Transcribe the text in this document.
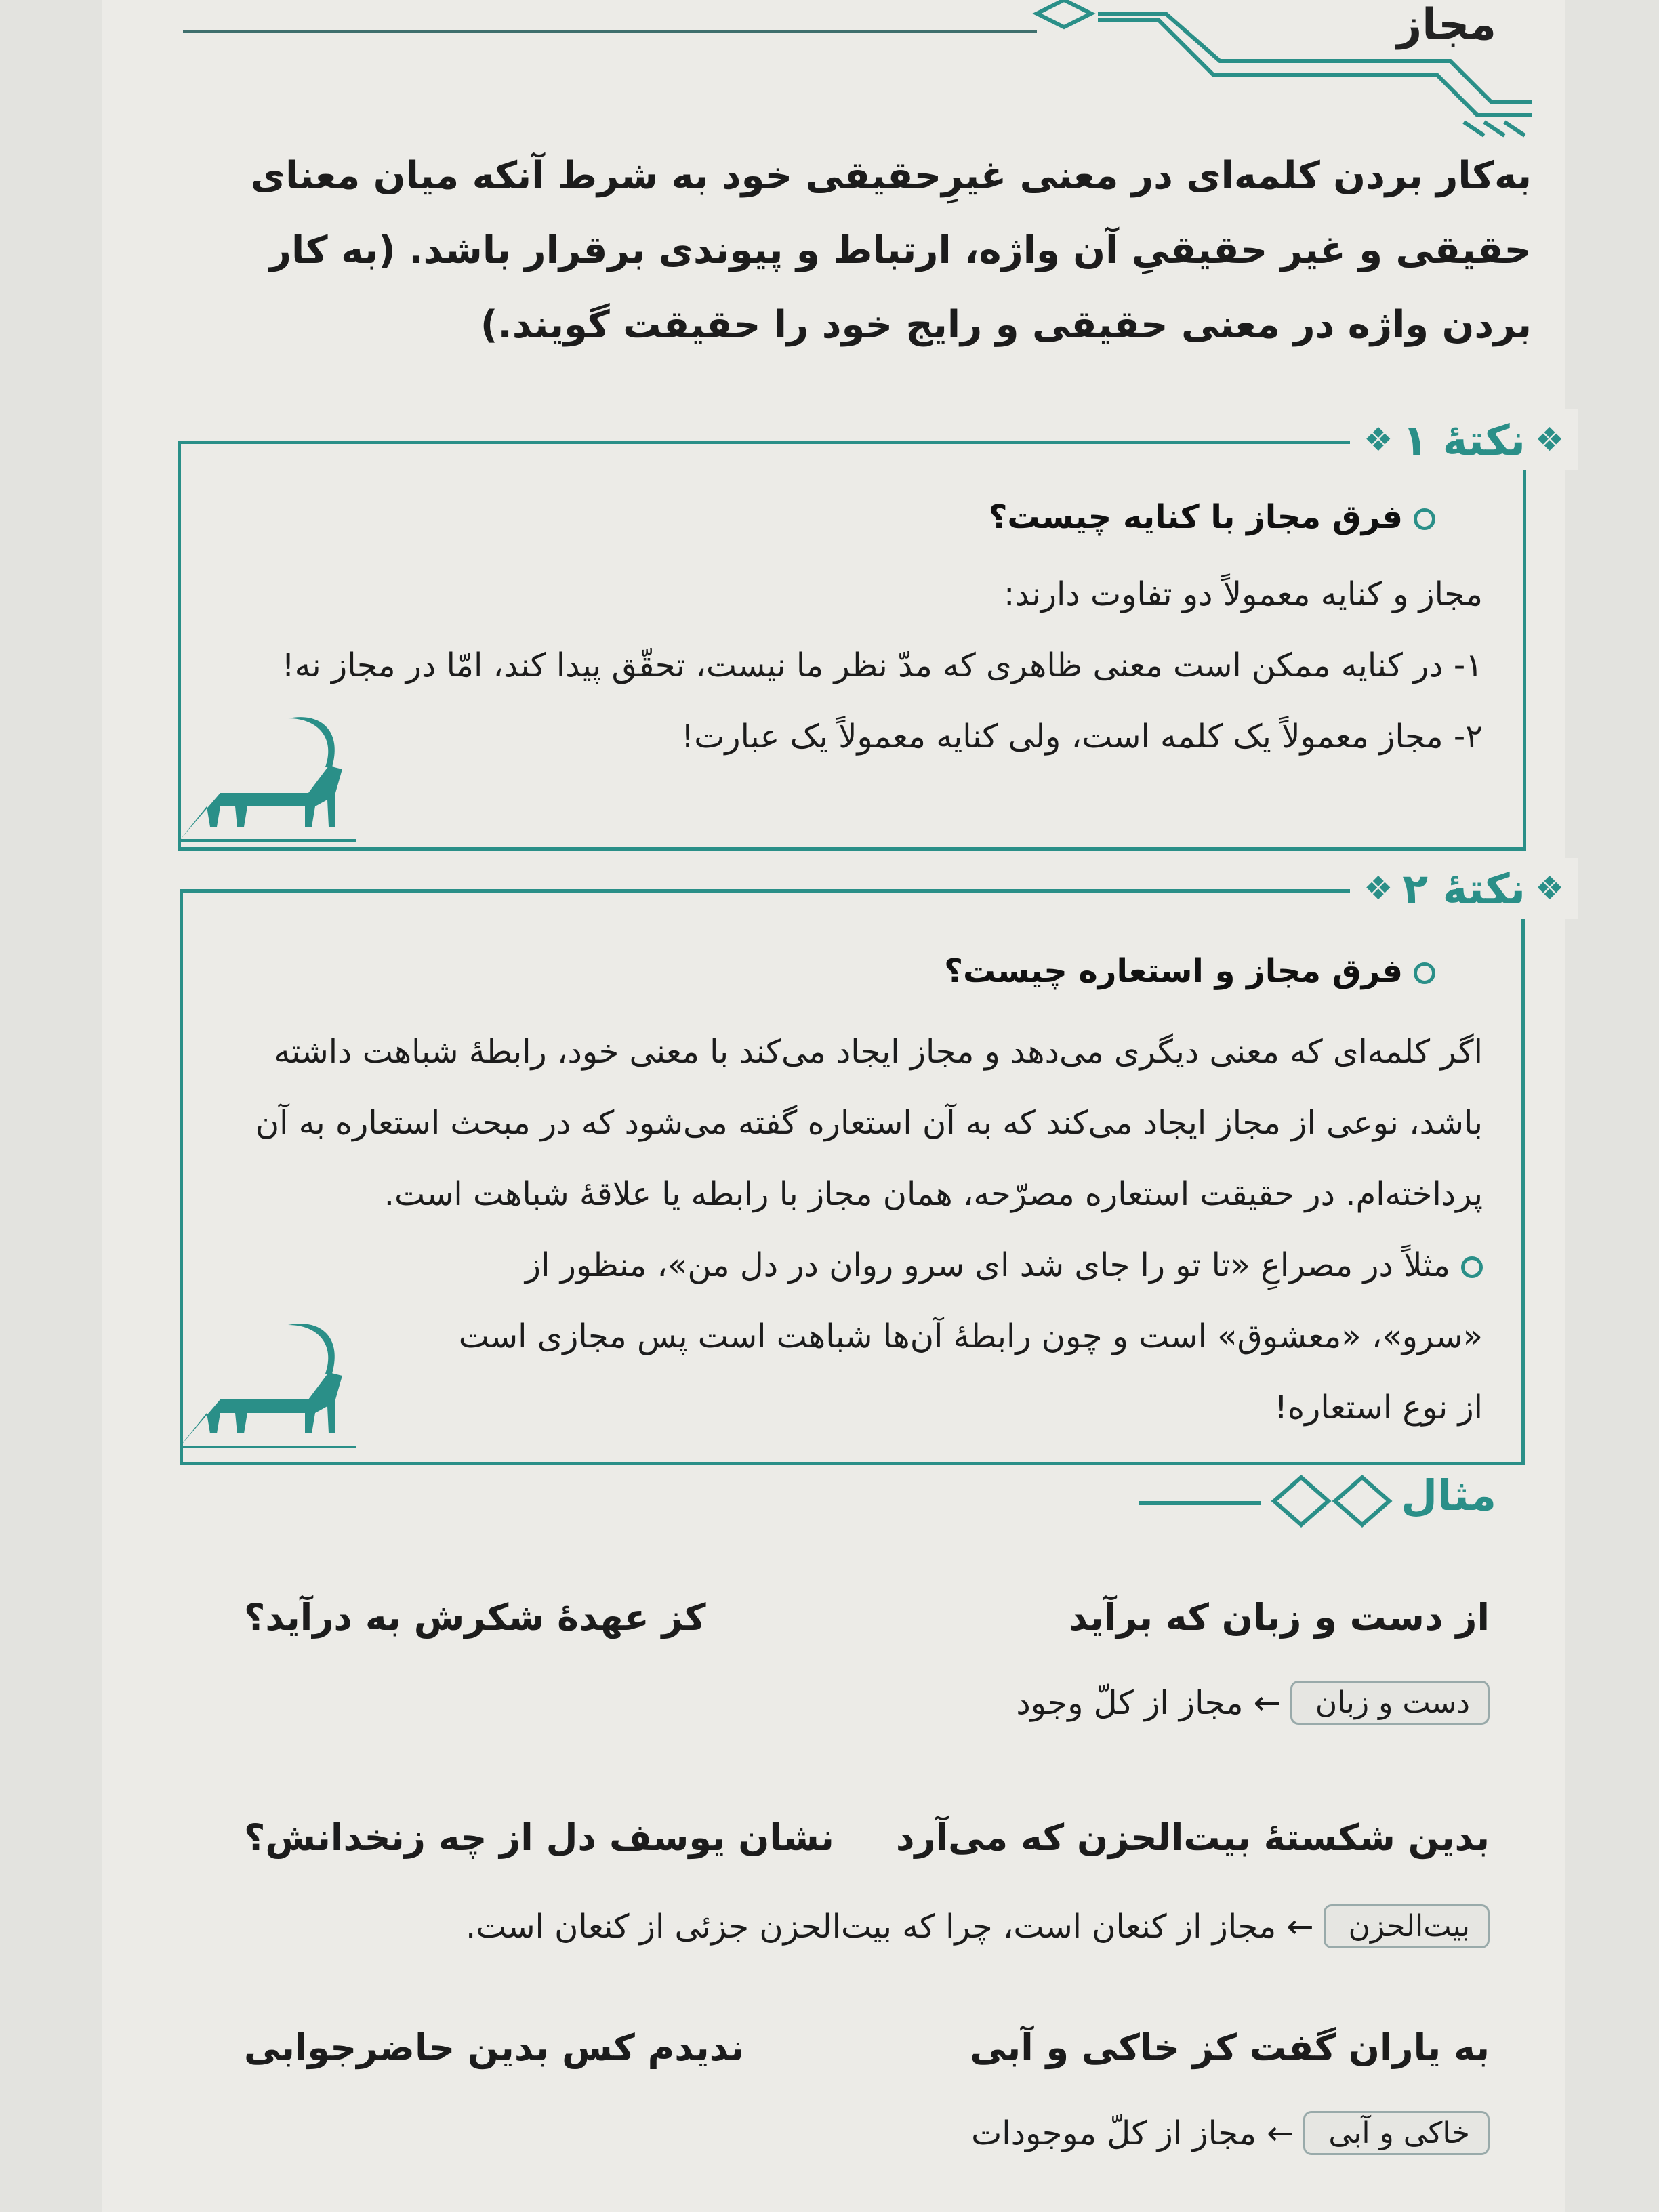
مجاز
به‌کار بردن کلمه‌ای در معنی غیرِحقیقی خود به شرط آنکه میان معنای حقیقی و غیر حقیقیِ آن واژه، ارتباط و پیوندی برقرار باشد. (به کار بردن واژه در معنی حقیقی و رایج خود را حقیقت گویند.)
❖ نکتهٔ ۱ ❖
فرق مجاز با کنایه چیست؟
مجاز و کنایه معمولاً دو تفاوت دارند:
۱- در کنایه ممکن است معنی ظاهری که مدّ نظر ما نیست، تحقّق پیدا کند، امّا در مجاز نه!
۲- مجاز معمولاً یک کلمه است، ولی کنایه معمولاً یک عبارت!
❖ نکتهٔ ۲ ❖
فرق مجاز و استعاره چیست؟
اگر کلمه‌ای که معنی دیگری می‌دهد و مجاز ایجاد می‌کند با معنی خود، رابطهٔ شباهت داشته
باشد، نوعی از مجاز ایجاد می‌کند که به آن استعاره گفته می‌شود که در مبحث استعاره به آن
پرداخته‌ام. در حقیقت استعاره مصرّحه، همان مجاز با رابطه یا علاقهٔ شباهت است.
مثلاً در مصراعِ «تا تو را جای شد ای سرو روان در دل من»، منظور از
«سرو»، «معشوق» است و چون رابطهٔ آن‌ها شباهت است پس مجازی است
از نوع استعاره!
مثال
از دست و زبان که برآید
کز عهدهٔ شکرش به درآید؟
دست و زبان
← مجاز از کلّ وجود
بدین شکستهٔ بیت‌الحزن که می‌آرد
نشان یوسف دل از چه زنخدانش؟
بیت‌الحزن
← مجاز از کنعان است، چرا که بیت‌الحزن جزئی از کنعان است.
به یاران گفت کز خاکی و آبی
ندیدم کس بدین حاضرجوابی
خاکی و آبی
← مجاز از کلّ موجودات
